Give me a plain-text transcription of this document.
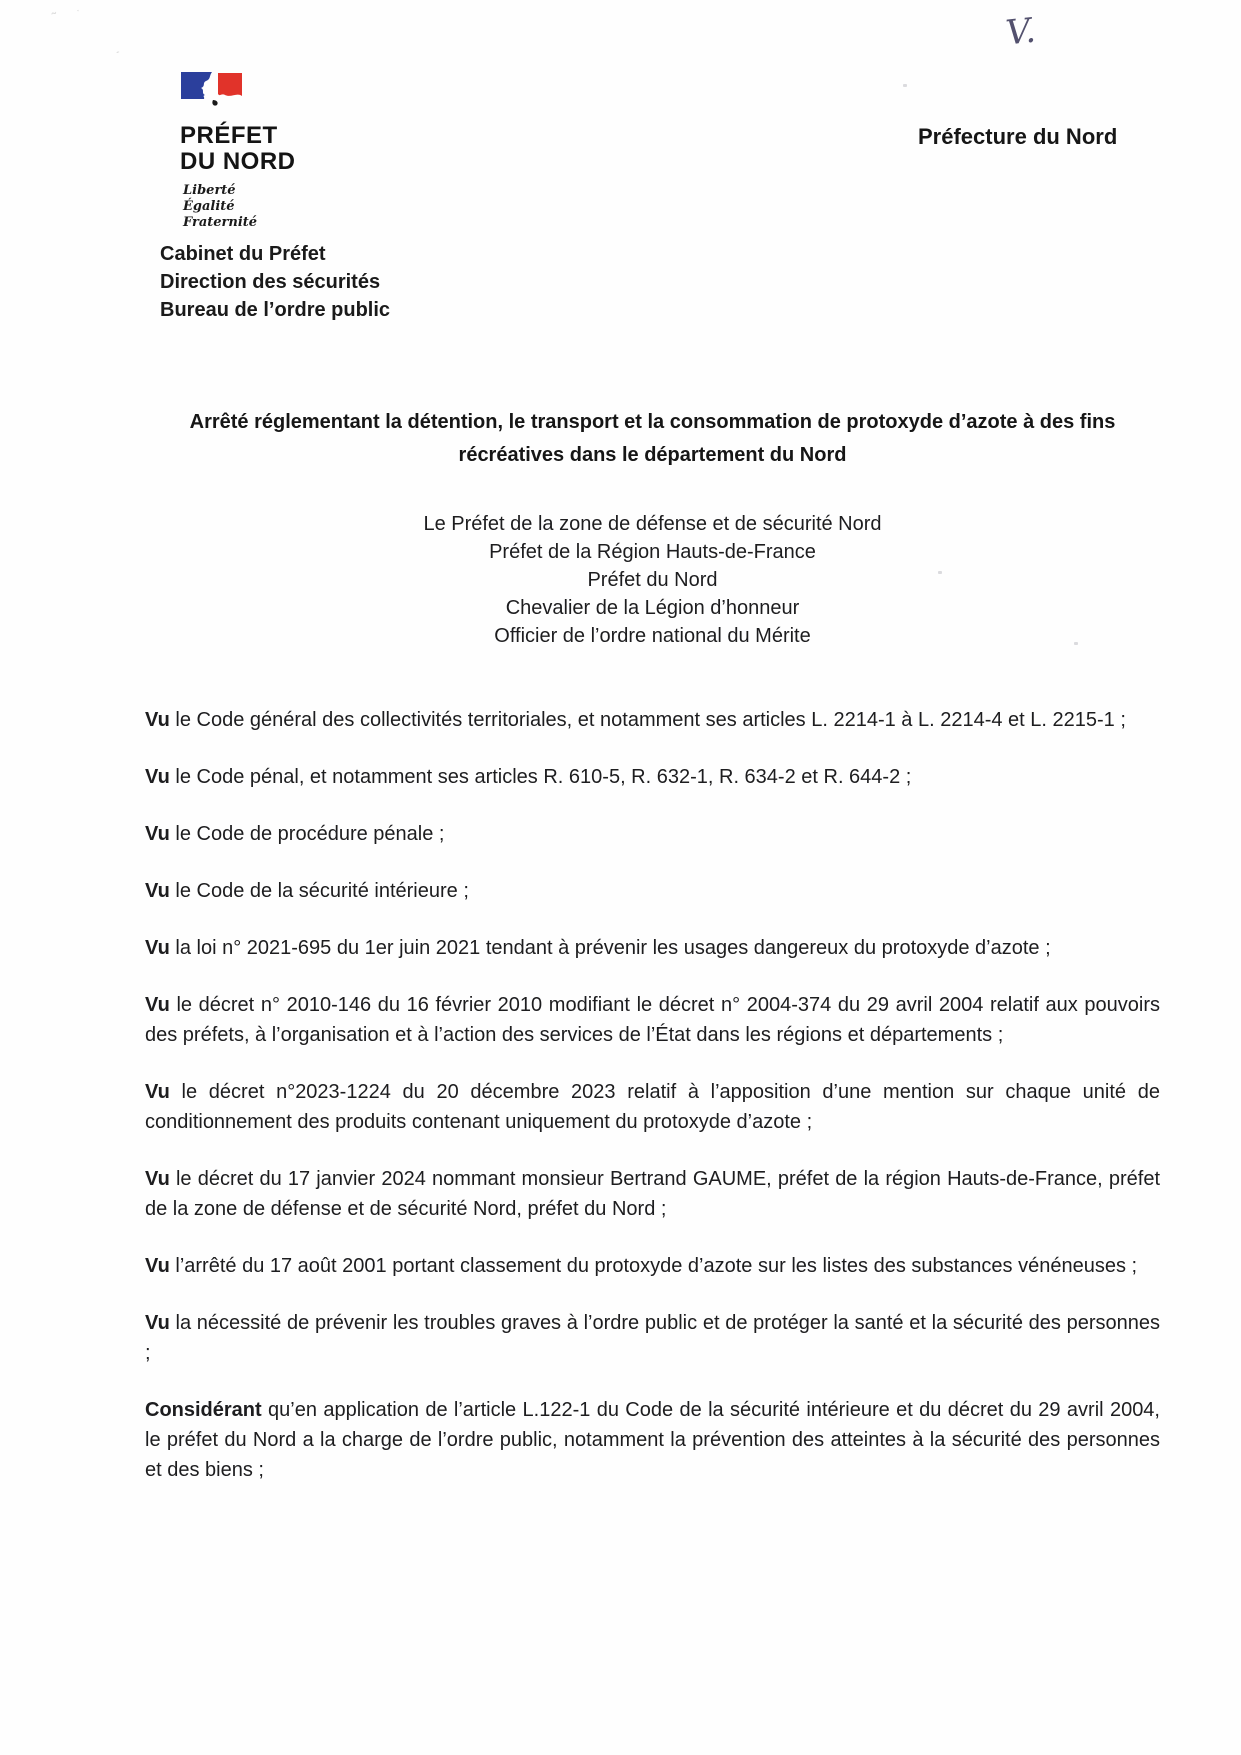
˜ ˑ
ˏ	V.
PRÉFET
DU NORD
Liberté
Égalité
Fraternité
Préfecture du Nord
Cabinet du Préfet
Direction des sécurités
Bureau de l’ordre public
Arrêté réglementant la détention, le transport et la consommation de protoxyde d’azote à des fins
récréatives dans le département du Nord
Le Préfet de la zone de défense et de sécurité Nord
Préfet de la Région Hauts-de-France
Préfet du Nord
Chevalier de la Légion d’honneur
Officier de l’ordre national du Mérite

Vu le Code général des collectivités territoriales, et notamment ses articles L. 2214-1 à L. 2214-4 et L. 2215-1 ;

Vu le Code pénal, et notamment ses articles R. 610-5, R. 632-1, R. 634-2 et R. 644-2 ;

Vu le Code de procédure pénale ;

Vu le Code de la sécurité intérieure ;

Vu la loi n° 2021-695 du 1er juin 2021 tendant à prévenir les usages dangereux du protoxyde d’azote ;

Vu le décret n° 2010-146 du 16 février 2010 modifiant le décret n° 2004-374 du 29 avril 2004 relatif aux pouvoirs des préfets, à l’organisation et à l’action des services de l’État dans les régions et départements ;

Vu le décret n°2023-1224 du 20 décembre 2023 relatif à l’apposition d’une mention sur chaque unité de conditionnement des produits contenant uniquement du protoxyde d’azote ;

Vu le décret du 17 janvier 2024 nommant monsieur Bertrand GAUME, préfet de la région Hauts-de-France, préfet de la zone de défense et de sécurité Nord, préfet du Nord ;

Vu l’arrêté du 17 août 2001 portant classement du protoxyde d’azote sur les listes des substances vénéneuses ;

Vu la nécessité de prévenir les troubles graves à l’ordre public et de protéger la santé et la sécurité des personnes ;

Considérant qu’en application de l’article L.122-1 du Code de la sécurité intérieure et du décret du 29 avril 2004, le préfet du Nord a la charge de l’ordre public, notamment la prévention des atteintes à la sécurité des personnes et des biens ;
